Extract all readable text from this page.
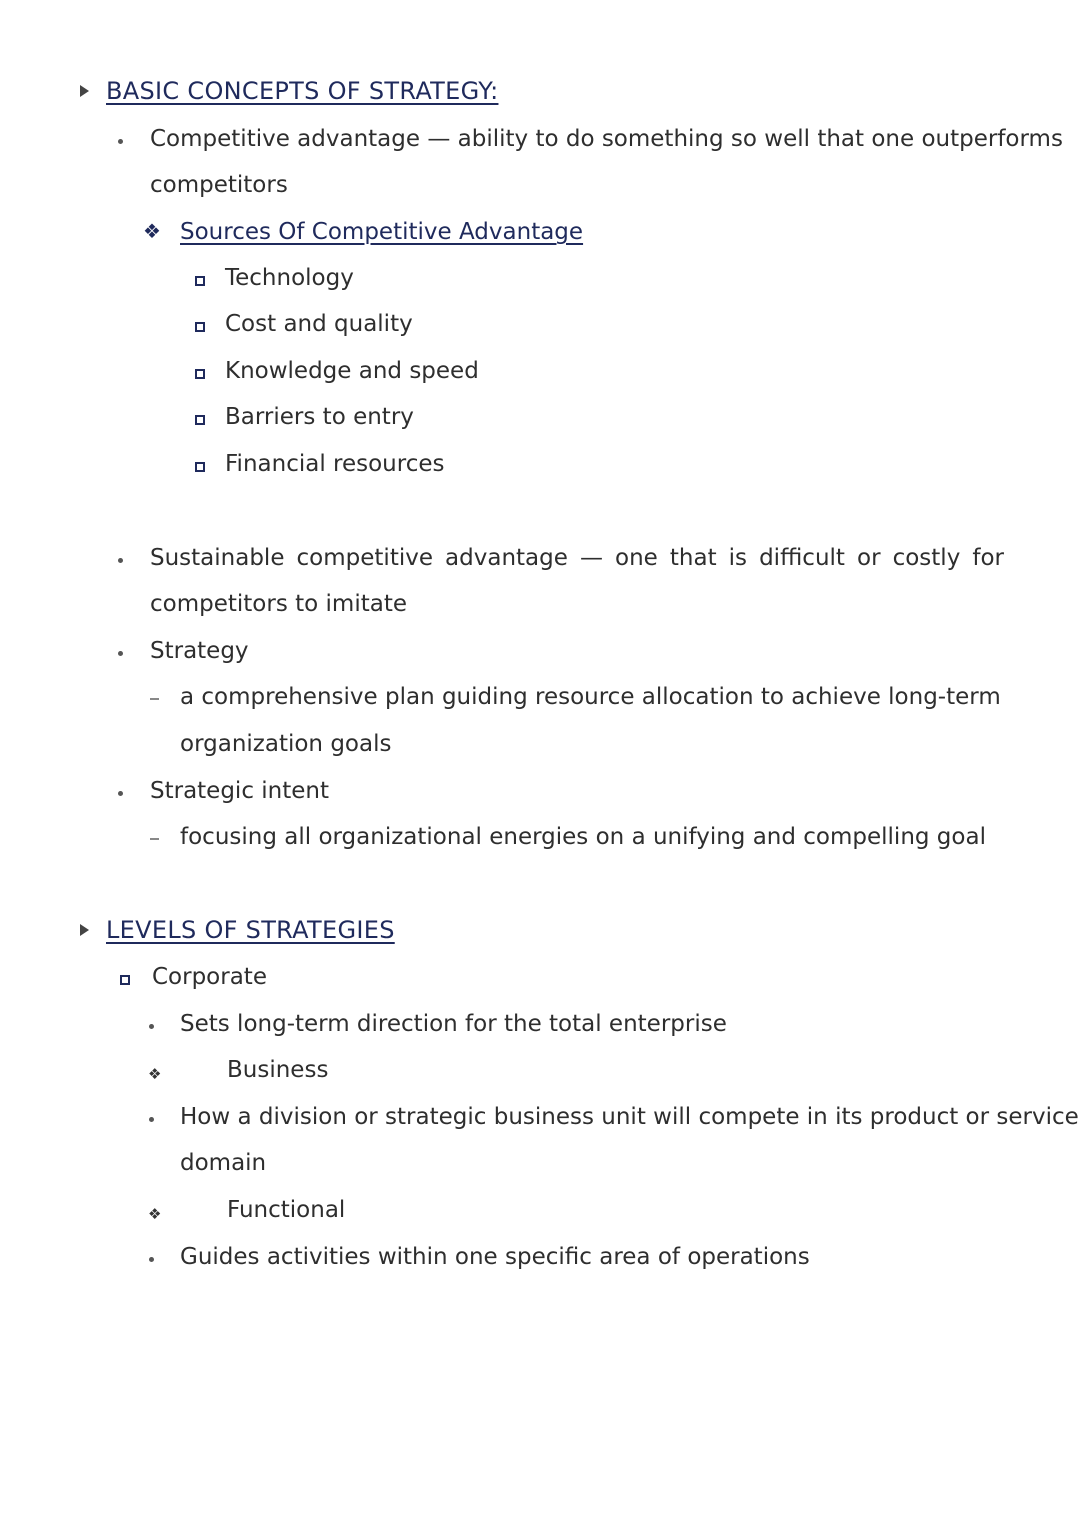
BASIC CONCEPTS OF STRATEGY:
Competitive advantage — ability to do something so well that one outperforms
competitors
❖ Sources Of Competitive Advantage
Technology
Cost and quality
Knowledge and speed
Barriers to entry
Financial resources
Sustainable competitive advantage — one that is difficult or costly for
competitors to imitate
Strategy
a comprehensive plan guiding resource allocation to achieve long-term
organization goals
Strategic intent
focusing all organizational energies on a unifying and compelling goal
LEVELS OF STRATEGIES
Corporate
Sets long-term direction for the total enterprise
❖	Business
How a division or strategic business unit will compete in its product or service
domain
❖	Functional
Guides activities within one specific area of operations
